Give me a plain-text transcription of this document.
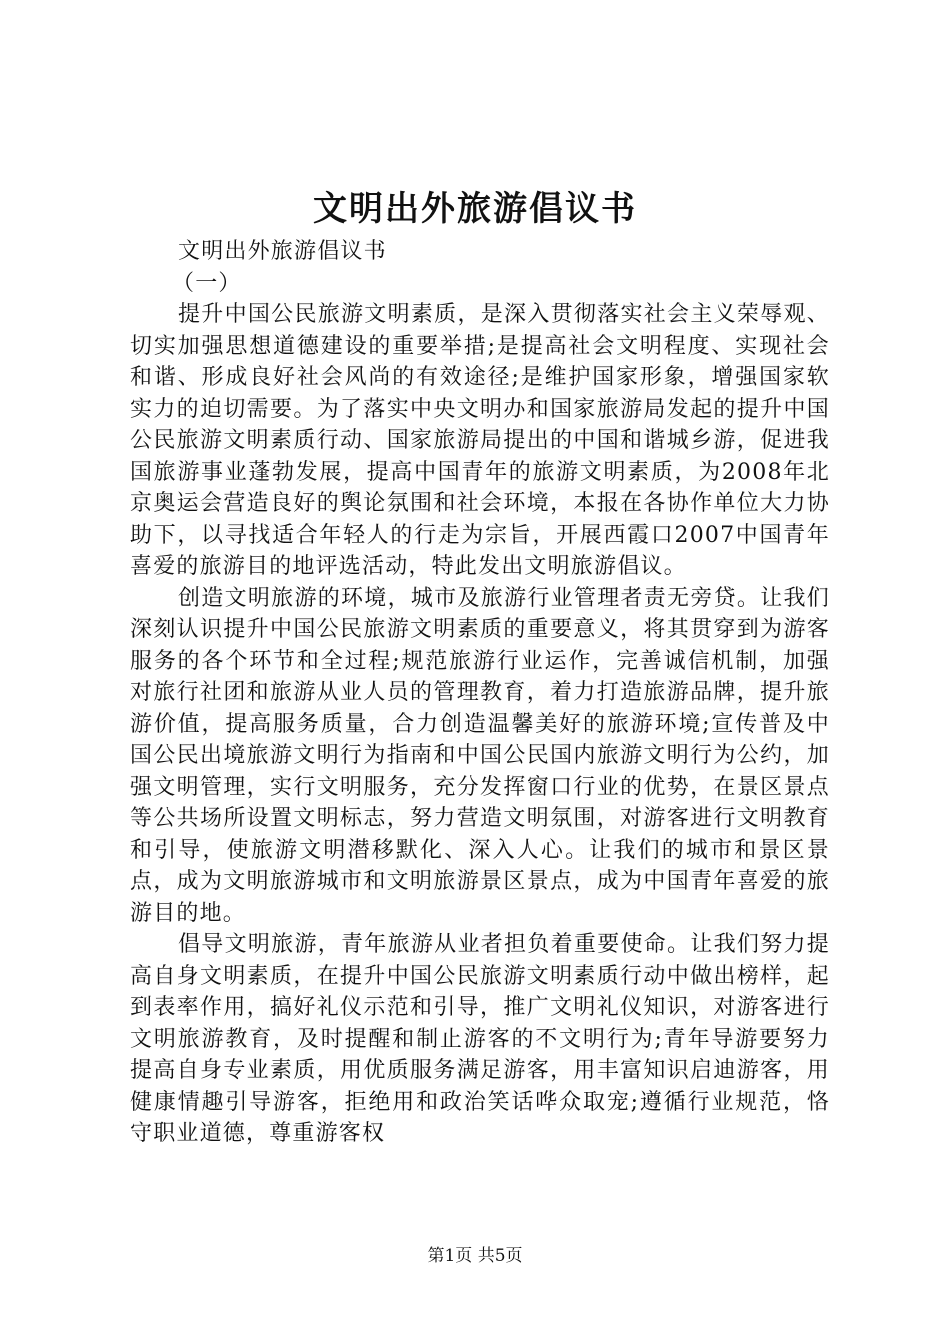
文明出外旅游倡议书

文明出外旅游倡议书

（一）

提升中国公民旅游文明素质，是深入贯彻落实社会主义荣辱观、切实加强思想道德建设的重要举措;是提高社会文明程度、实现社会和谐、形成良好社会风尚的有效途径;是维护国家形象，增强国家软实力的迫切需要。为了落实中央文明办和国家旅游局发起的提升中国公民旅游文明素质行动、国家旅游局提出的中国和谐城乡游，促进我国旅游事业蓬勃发展，提高中国青年的旅游文明素质，为2008年北京奥运会营造良好的舆论氛围和社会环境，本报在各协作单位大力协助下，以寻找适合年轻人的行走为宗旨，开展西霞口2007中国青年喜爱的旅游目的地评选活动，特此发出文明旅游倡议。

创造文明旅游的环境，城市及旅游行业管理者责无旁贷。让我们深刻认识提升中国公民旅游文明素质的重要意义，将其贯穿到为游客服务的各个环节和全过程;规范旅游行业运作，完善诚信机制，加强对旅行社团和旅游从业人员的管理教育，着力打造旅游品牌，提升旅游价值，提高服务质量，合力创造温馨美好的旅游环境;宣传普及中国公民出境旅游文明行为指南和中国公民国内旅游文明行为公约，加强文明管理，实行文明服务，充分发挥窗口行业的优势，在景区景点等公共场所设置文明标志，努力营造文明氛围，对游客进行文明教育和引导，使旅游文明潜移默化、深入人心。让我们的城市和景区景点，成为文明旅游城市和文明旅游景区景点，成为中国青年喜爱的旅游目的地。

倡导文明旅游，青年旅游从业者担负着重要使命。让我们努力提高自身文明素质，在提升中国公民旅游文明素质行动中做出榜样，起到表率作用，搞好礼仪示范和引导，推广文明礼仪知识，对游客进行文明旅游教育，及时提醒和制止游客的不文明行为;青年导游要努力提高自身专业素质，用优质服务满足游客，用丰富知识启迪游客，用健康情趣引导游客，拒绝用和政治笑话哗众取宠;遵循行业规范，恪守职业道德，尊重游客权

第1页 共5页
